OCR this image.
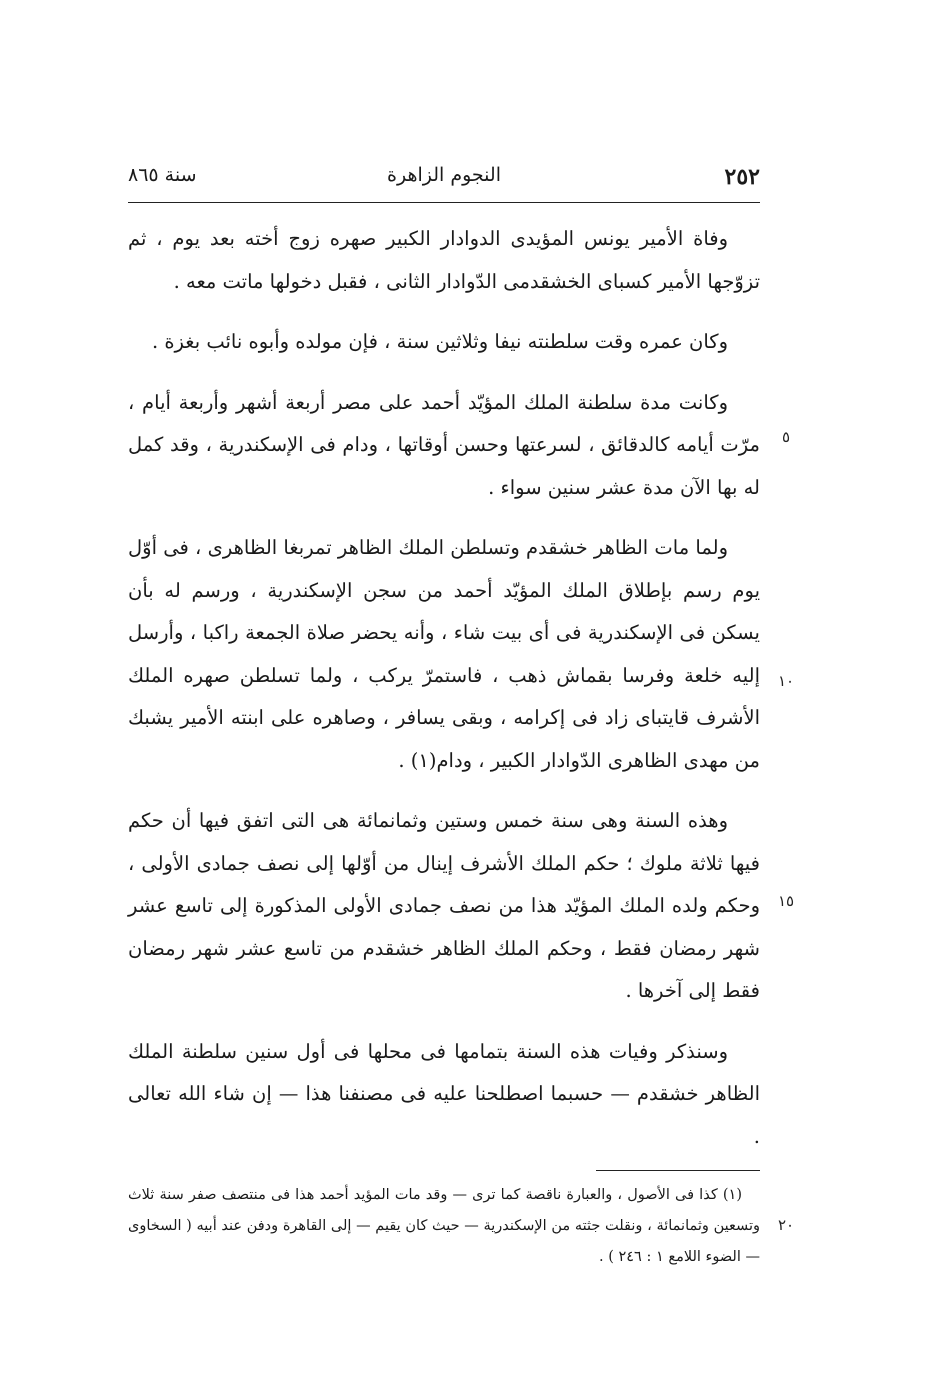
٢٥٢
النجوم الزاهرة
سنة ٨٦٥

وفاة الأمير يونس المؤيدى الدوادار الكبير صهره زوج أخته بعد يوم ، ثم تزوّجها الأمير كسباى الخشقدمى الدّوادار الثانى ، فقبل دخولها ماتت معه .

وكان عمره وقت سلطنته نيفا وثلاثين سنة ، فإن مولده وأبوه نائب بغزة .

وكانت مدة سلطنة الملك المؤيّد أحمد على مصر أربعة أشهر وأربعة أيام ، مرّت أيامه كالدقائق ، لسرعتها وحسن أوقاتها ، ودام فى الإسكندرية ، وقد كمل له بها الآن مدة عشر سنين سواء .

ولما مات الظاهر خشقدم وتسلطن الملك الظاهر تمربغا الظاهرى ، فى أوّل يوم رسم بإطلاق الملك المؤيّد أحمد من سجن الإسكندرية ، ورسم له بأن يسكن فى الإسكندرية فى أى بيت شاء ، وأنه يحضر صلاة الجمعة راكبا ، وأرسل إليه خلعة وفرسا بقماش ذهب ، فاستمرّ يركب ، ولما تسلطن صهره الملك الأشرف قايتباى زاد فى إكرامه ، وبقى يسافر ، وصاهره على ابنته الأمير يشبك من مهدى الظاهرى الدّوادار الكبير ، ودام(١) .

وهذه السنة وهى سنة خمس وستين وثمانمائة هى التى اتفق فيها أن حكم فيها ثلاثة ملوك ؛ حكم الملك الأشرف إينال من أوّلها إلى نصف جمادى الأولى ، وحكم ولده الملك المؤيّد هذا من نصف جمادى الأولى المذكورة إلى تاسع عشر شهر رمضان فقط ، وحكم الملك الظاهر خشقدم من تاسع عشر شهر رمضان فقط إلى آخرها .

وسنذكر وفيات هذه السنة بتمامها فى محلها فى أول سنين سلطنة الملك الظاهر خشقدم — حسبما اصطلحنا عليه فى مصنفنا هذا — إن شاء الله تعالى .

٥
١٠
١٥
٢٠

(١) كذا فى الأصول ، والعبارة ناقصة كما ترى — وقد مات المؤيد أحمد هذا فى منتصف صفر سنة ثلاث وتسعين وثمانمائة ، ونقلت جثته من الإسكندرية — حيث كان يقيم — إلى القاهرة ودفن عند أبيه ( السخاوى — الضوء اللامع ١ : ٢٤٦ ) .
